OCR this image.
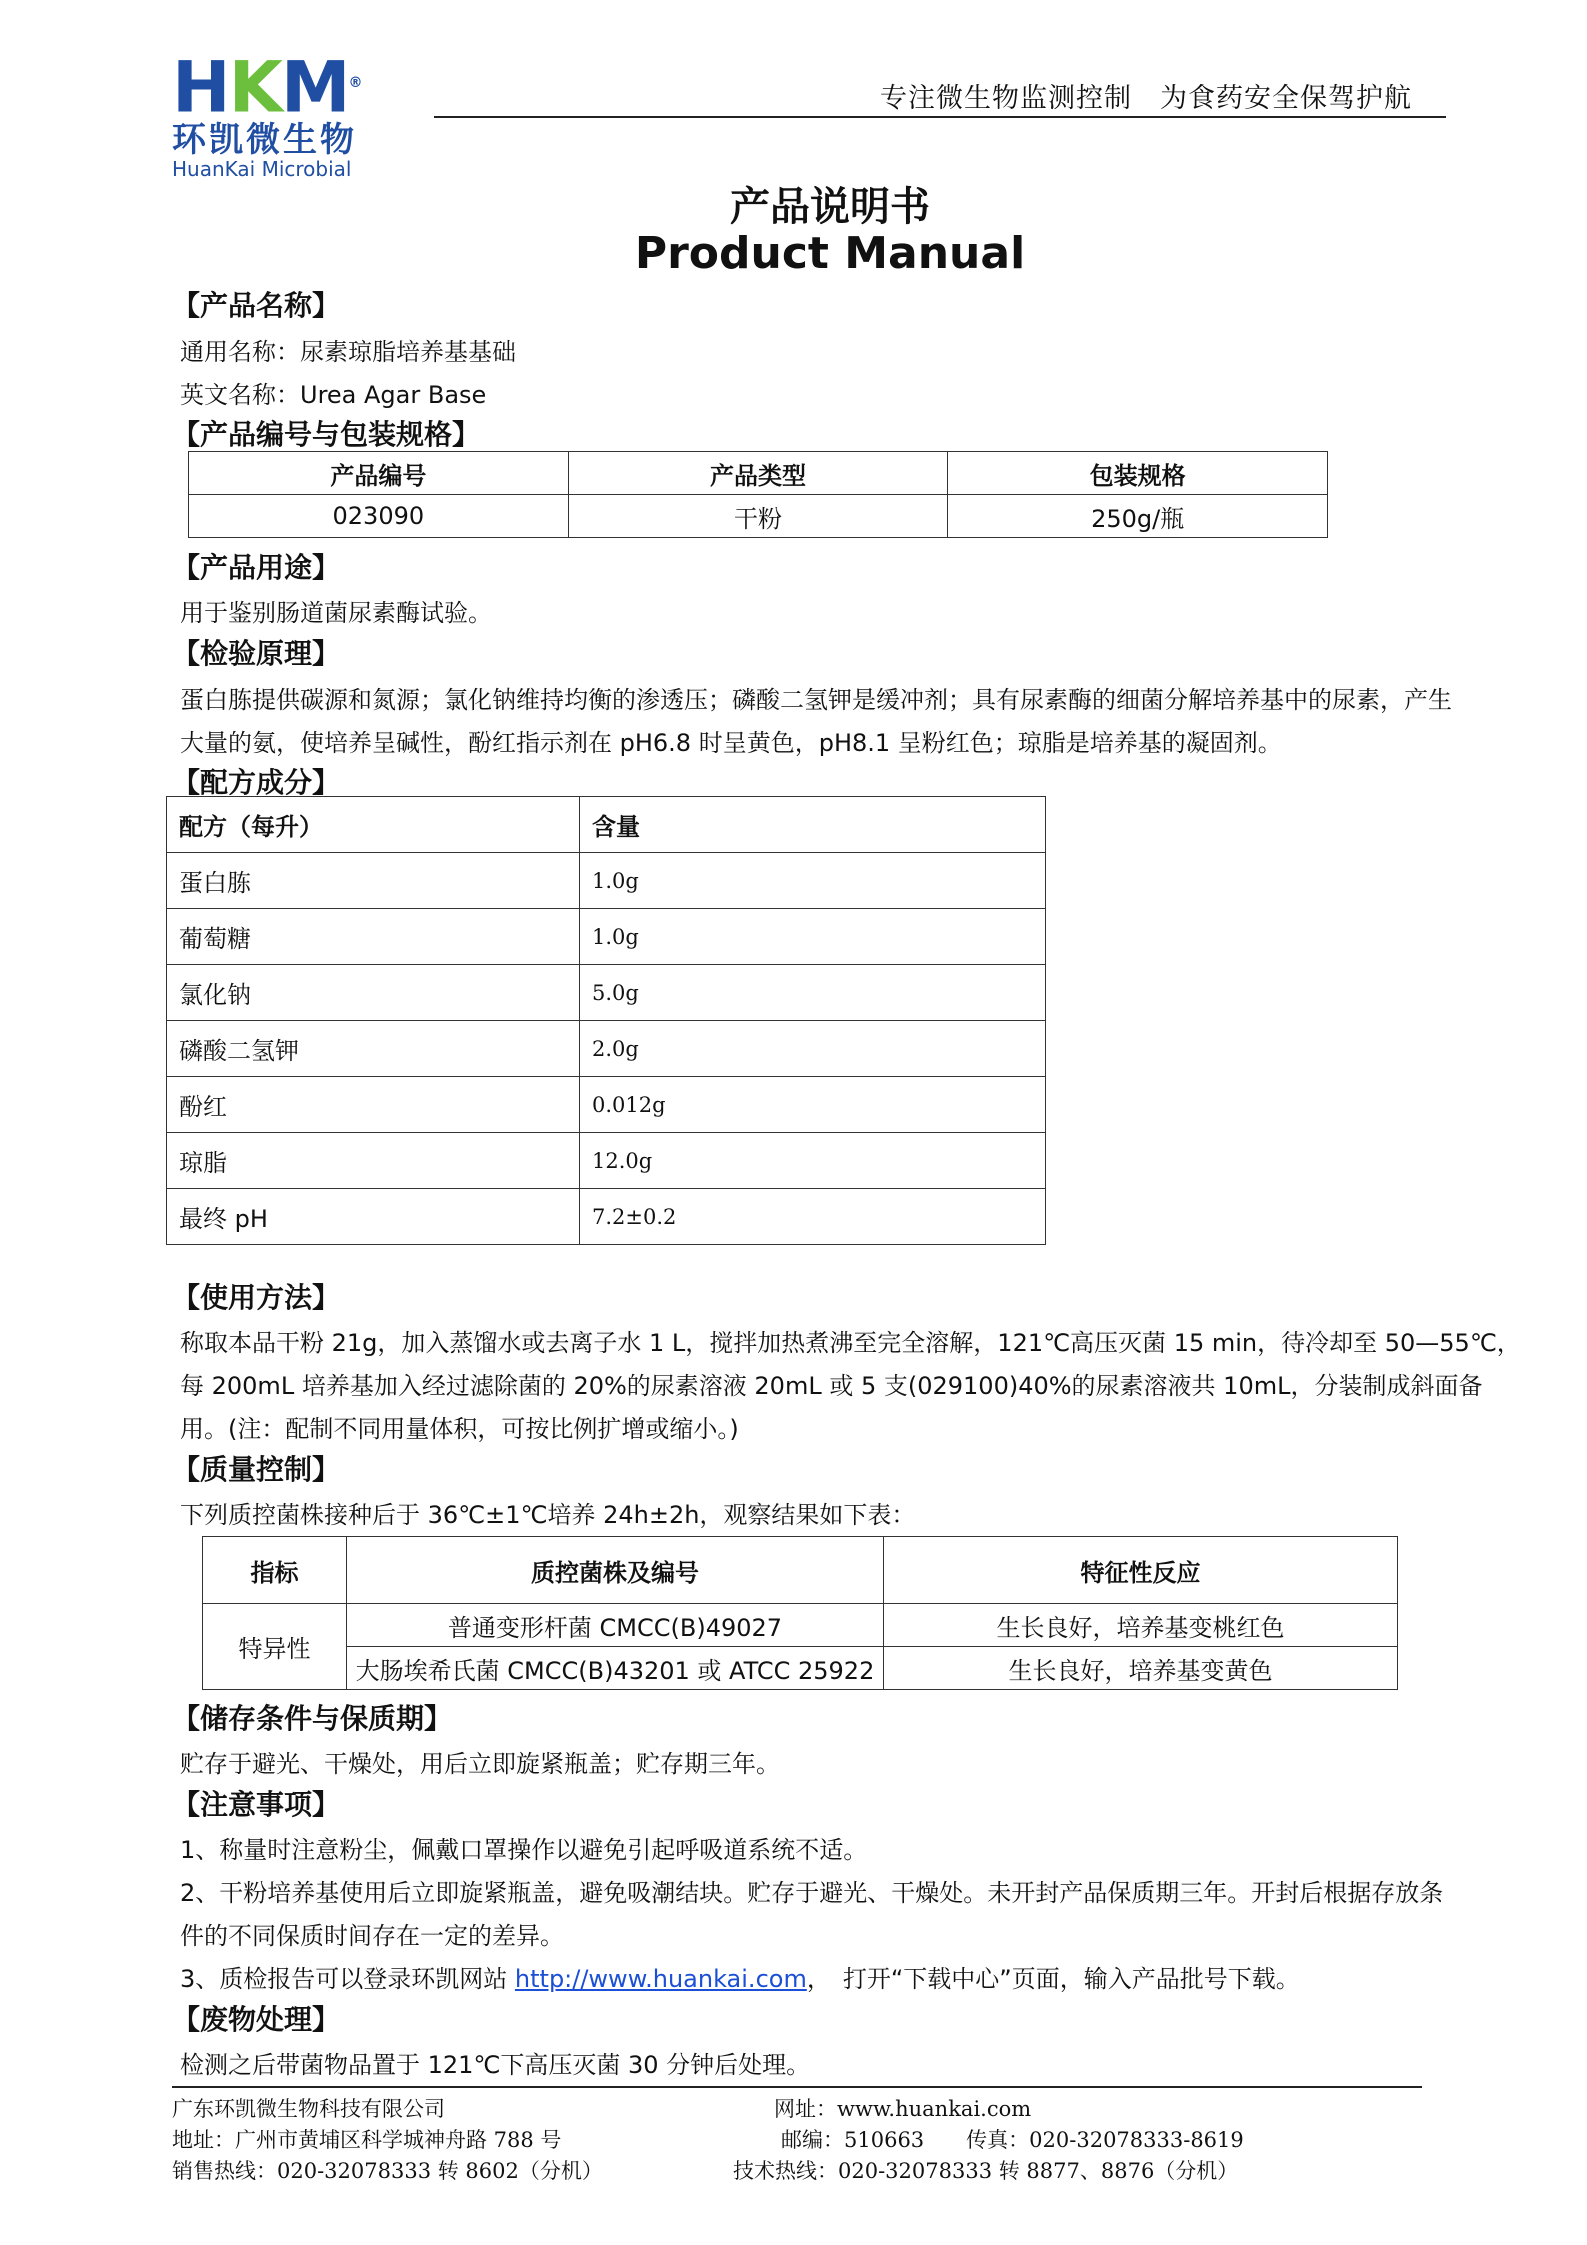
HKM®
环凯微生物
HuanKai Microbial
专注微生物监测控制　为食药安全保驾护航
产品说明书
Product Manual
【产品名称】
通用名称：尿素琼脂培养基基础
英文名称：Urea Agar Base
【产品编号与包装规格】
产品编号	产品类型	包装规格
023090	干粉	250g/瓶
【产品用途】
用于鉴别肠道菌尿素酶试验。
【检验原理】
蛋白胨提供碳源和氮源；氯化钠维持均衡的渗透压；磷酸二氢钾是缓冲剂；具有尿素酶的细菌分解培养基中的尿素，产生
大量的氨，使培养呈碱性，酚红指示剂在 pH6.8 时呈黄色，pH8.1 呈粉红色；琼脂是培养基的凝固剂。
【配方成分】
配方（每升）	含量
蛋白胨	1.0g
葡萄糖	1.0g
氯化钠	5.0g
磷酸二氢钾	2.0g
酚红	0.012g
琼脂	12.0g
最终 pH	7.2±0.2
【使用方法】
称取本品干粉 21g，加入蒸馏水或去离子水 1 L，搅拌加热煮沸至完全溶解，121℃高压灭菌 15 min，待冷却至 50—55℃，
每 200mL 培养基加入经过滤除菌的 20%的尿素溶液 20mL 或 5 支(029100)40%的尿素溶液共 10mL，分装制成斜面备
用。(注：配制不同用量体积，可按比例扩增或缩小。)
【质量控制】
下列质控菌株接种后于 36℃±1℃培养 24h±2h，观察结果如下表：
指标	质控菌株及编号	特征性反应
特异性	普通变形杆菌 CMCC(B)49027	生长良好，培养基变桃红色
	大肠埃希氏菌 CMCC(B)43201 或 ATCC 25922	生长良好，培养基变黄色
【储存条件与保质期】
贮存于避光、干燥处，用后立即旋紧瓶盖；贮存期三年。
【注意事项】
1、称量时注意粉尘，佩戴口罩操作以避免引起呼吸道系统不适。
2、干粉培养基使用后立即旋紧瓶盖，避免吸潮结块。贮存于避光、干燥处。未开封产品保质期三年。开封后根据存放条
件的不同保质时间存在一定的差异。
3、质检报告可以登录环凯网站 http://www.huankai.com，　打开“下载中心”页面，输入产品批号下载。
【废物处理】
检测之后带菌物品置于 121℃下高压灭菌 30 分钟后处理。
广东环凯微生物科技有限公司
地址：广州市黄埔区科学城神舟路 788 号
销售热线：020-32078333 转 8602（分机）
网址：www.huankai.com
邮编：510663　　传真：020-32078333-8619
技术热线：020-32078333 转 8877、8876（分机）
